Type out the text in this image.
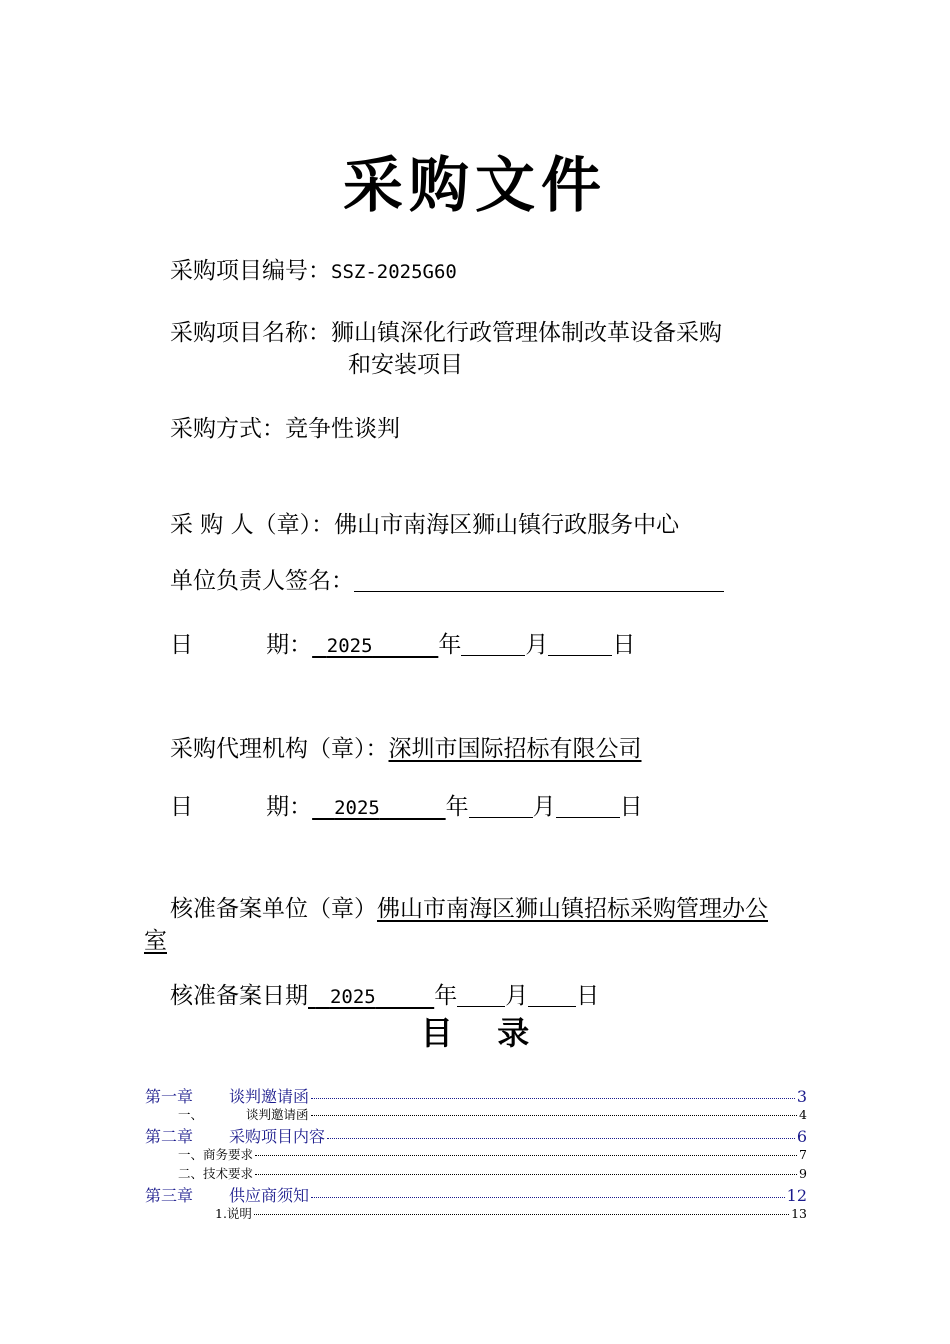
采购文件
采购项目编号：SSZ-2025G60
采购项目名称：狮山镇深化行政管理体制改革设备采购
和安装项目
采购方式：竞争性谈判
采 购 人（章）：佛山市南海区狮山镇行政服务中心
单位负责人签名：
日          期： 2025	年	月	日
采购代理机构（章）：深圳市国际招标有限公司
日          期： 2025	年	月	日
核准备案单位（章）佛山市南海区狮山镇招标采购管理办公
室
核准备案日期 2025	年 月 日
目    录
第一章	谈判邀请函	3
一、	谈判邀请函	4
第二章	采购项目内容	6
一、 商务要求	7
二、 技术要求	9
第三章	供应商须知	12
1.说明	13
